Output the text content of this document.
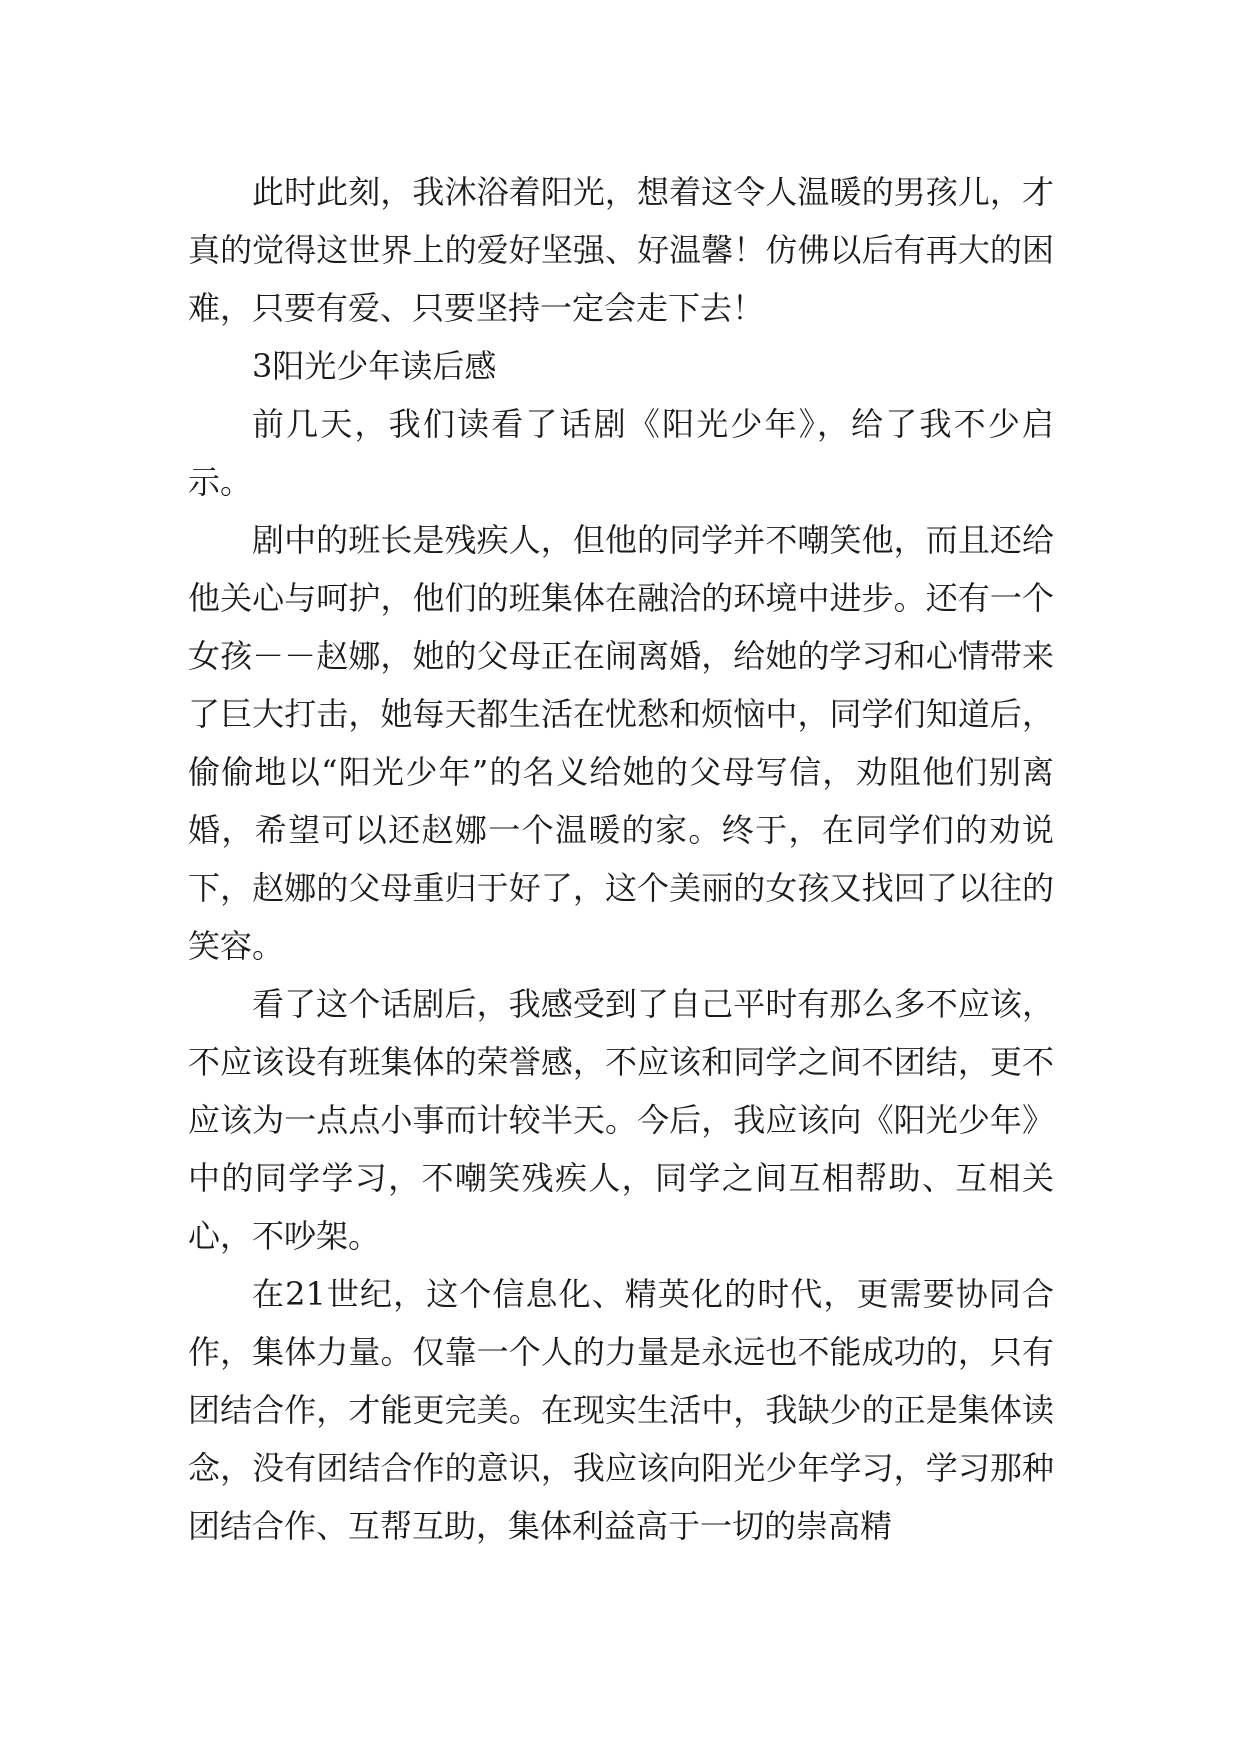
此时此刻，我沐浴着阳光，想着这令人温暖的男孩儿，才真的觉得这世界上的爱好坚强、好温馨！仿佛以后有再大的困难，只要有爱、只要坚持一定会走下去！

3阳光少年读后感

前几天，我们读看了话剧《阳光少年》，给了我不少启示。

剧中的班长是残疾人，但他的同学并不嘲笑他，而且还给他关心与呵护，他们的班集体在融洽的环境中进步。还有一个女孩－－赵娜，她的父母正在闹离婚，给她的学习和心情带来了巨大打击，她每天都生活在忧愁和烦恼中，同学们知道后，偷偷地以“阳光少年”的名义给她的父母写信，劝阻他们别离婚，希望可以还赵娜一个温暖的家。终于，在同学们的劝说下，赵娜的父母重归于好了，这个美丽的女孩又找回了以往的笑容。

看了这个话剧后，我感受到了自己平时有那么多不应该，不应该设有班集体的荣誉感，不应该和同学之间不团结，更不应该为一点点小事而计较半天。今后，我应该向《阳光少年》中的同学学习，不嘲笑残疾人，同学之间互相帮助、互相关心，不吵架。

在21世纪，这个信息化、精英化的时代，更需要协同合作，集体力量。仅靠一个人的力量是永远也不能成功的，只有团结合作，才能更完美。在现实生活中，我缺少的正是集体读念，没有团结合作的意识，我应该向阳光少年学习，学习那种团结合作、互帮互助，集体利益高于一切的崇高精
